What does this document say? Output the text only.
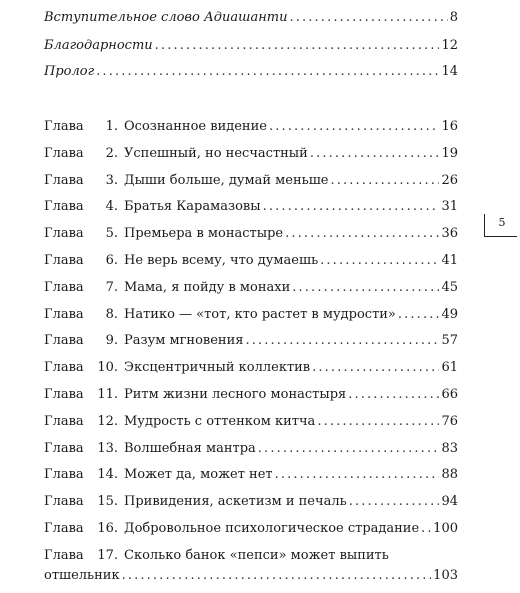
Вступительное слово Адиашанти . . .	8
Благодарности . . .	12
Пролог . . .	14
Глава	1. Осознанное видение . . .	16
Глава	2. Успешный, но несчастный . . .	19
Глава	3. Дыши больше, думай меньше . . .	26
Глава	4. Братья Карамазовы . . .	31
Глава	5. Премьера в монастыре . . .	36
Глава	6. Не верь всему, что думаешь . . .	41
Глава	7. Мама, я пойду в монахи . . .	45
Глава	8. Натико — «тот, кто растет в мудрости» . . .	49
Глава	9. Разум мгновения . . .	57
Глава	10. Эксцентричный коллектив . . .	61
Глава	11. Ритм жизни лесного монастыря . . .	66
Глава	12. Мудрость с оттенком китча . . .	76
Глава	13. Волшебная мантра . . .	83
Глава	14. Может да, может нет . . .	88
Глава	15. Привидения, аскетизм и печаль . . .	94
Глава	16. Добровольное психологическое страдание . . . 100
Глава	17. Сколько банок «пепси» может выпить
отшельник . . .	103
5
